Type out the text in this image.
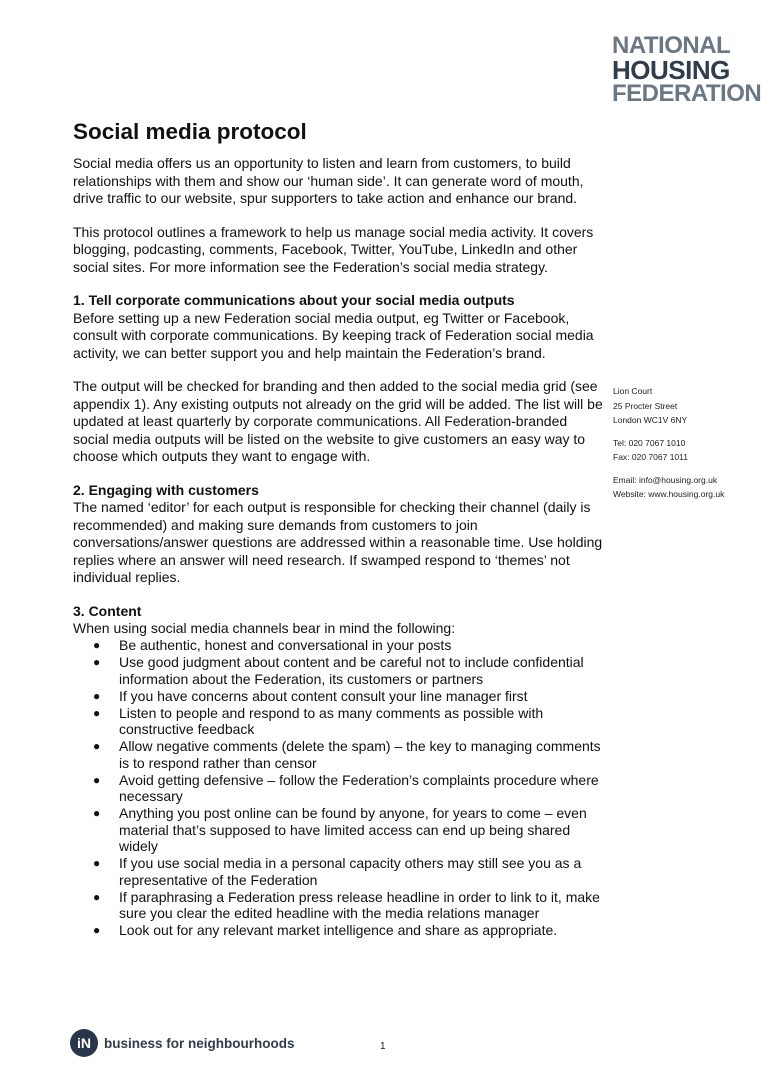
NATIONAL
HOUSING
FEDERATION
Social media protocol

Social media offers us an opportunity to listen and learn from customers, to build relationships with them and show our ‘human side’. It can generate word of mouth, drive traffic to our website, spur supporters to take action and enhance our brand.

This protocol outlines a framework to help us manage social media activity. It covers blogging, podcasting, comments, Facebook, Twitter, YouTube, LinkedIn and other social sites. For more information see the Federation’s social media strategy.

1. Tell corporate communications about your social media outputs

Before setting up a new Federation social media output, eg Twitter or Facebook, consult with corporate communications. By keeping track of Federation social media activity, we can better support you and help maintain the Federation’s brand.

The output will be checked for branding and then added to the social media grid (see appendix 1). Any existing outputs not already on the grid will be added. The list will be updated at least quarterly by corporate communications. All Federation-branded social media outputs will be listed on the website to give customers an easy way to choose which outputs they want to engage with.

2. Engaging with customers

The named ‘editor’ for each output is responsible for checking their channel (daily is recommended) and making sure demands from customers to join conversations/answer questions are addressed within a reasonable time. Use holding replies where an answer will need research. If swamped respond to ‘themes’ not individual replies.

3. Content
When using social media channels bear in mind the following:
● Be authentic, honest and conversational in your posts
● Use good judgment about content and be careful not to include confidential information about the Federation, its customers or partners
● If you have concerns about content consult your line manager first
● Listen to people and respond to as many comments as possible with constructive feedback
● Allow negative comments (delete the spam) – the key to managing comments is to respond rather than censor
● Avoid getting defensive – follow the Federation’s complaints procedure where necessary
● Anything you post online can be found by anyone, for years to come – even material that’s supposed to have limited access can end up being shared widely
● If you use social media in a personal capacity others may still see you as a representative of the Federation
● If paraphrasing a Federation press release headline in order to link to it, make sure you clear the edited headline with the media relations manager
● Look out for any relevant market intelligence and share as appropriate.
Lion Court
25 Procter Street
London WC1V 6NY
Tel: 020 7067 1010
Fax: 020 7067 1011
Email: info@housing.org.uk
Website: www.housing.org.uk
iN business for neighbourhoods	1
